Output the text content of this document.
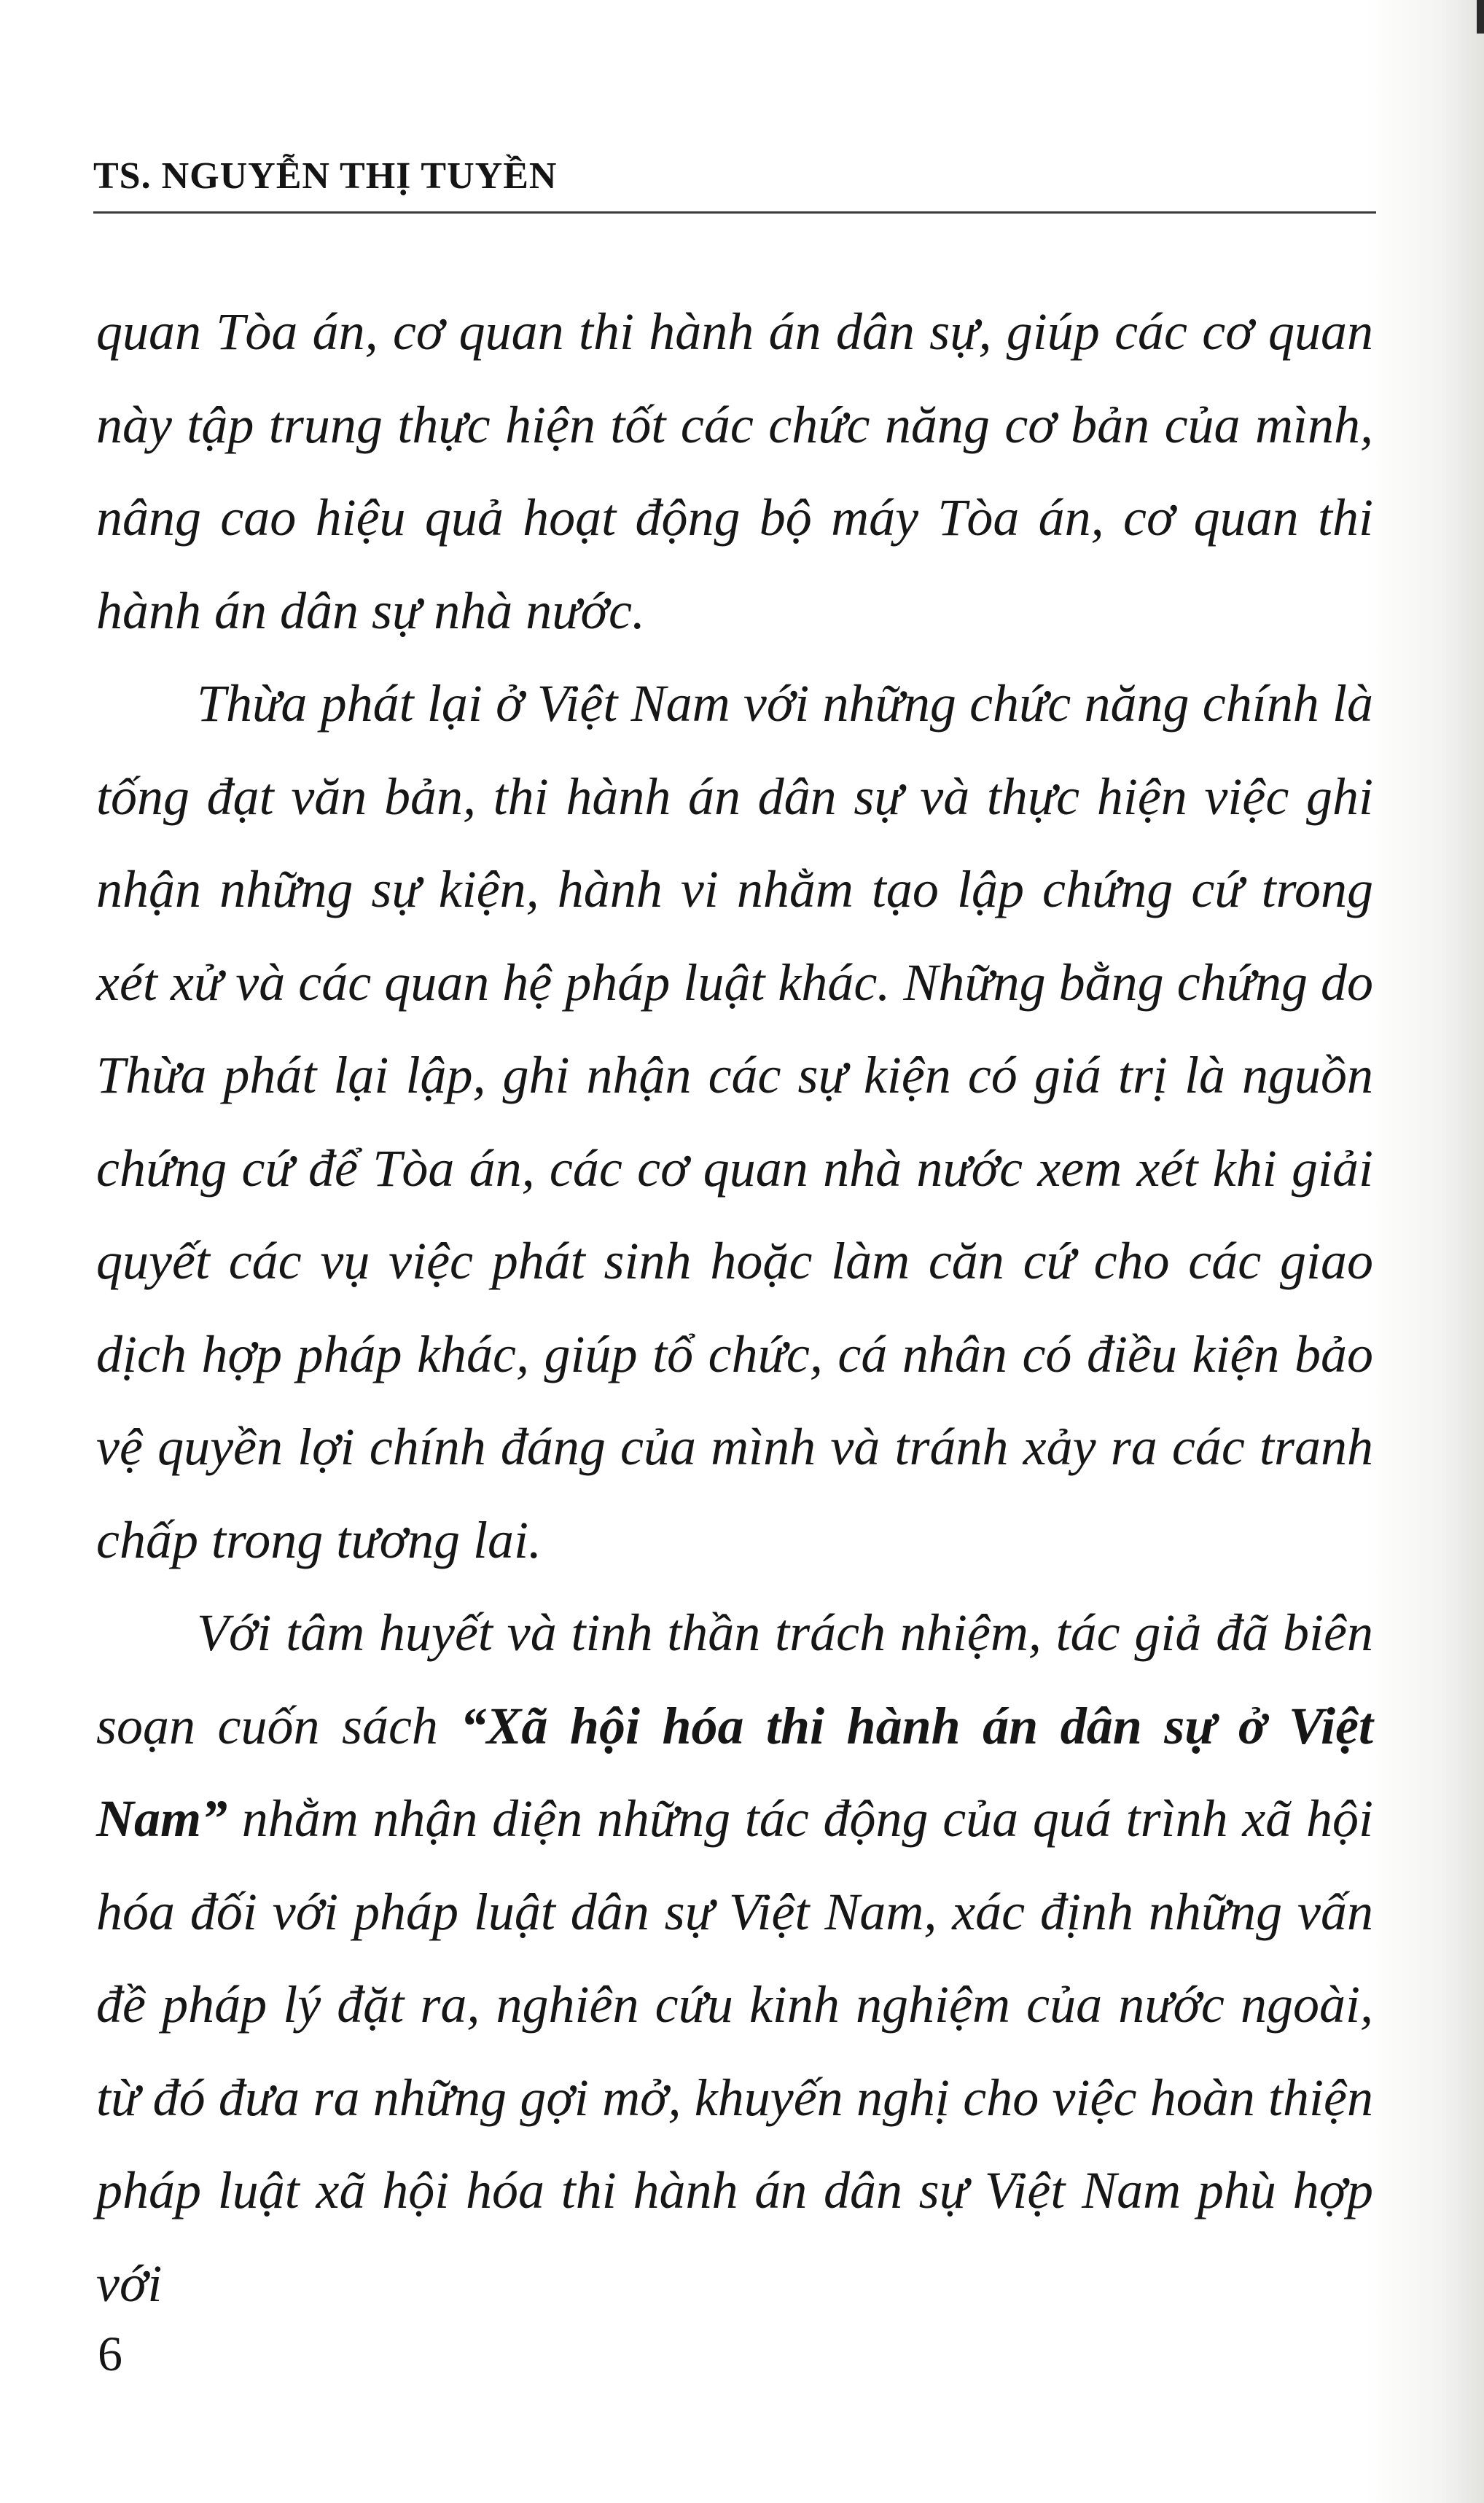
TS. NGUYỄN THỊ TUYỀN

quan Tòa án, cơ quan thi hành án dân sự, giúp các cơ quan này tập trung thực hiện tốt các chức năng cơ bản của mình, nâng cao hiệu quả hoạt động bộ máy Tòa án, cơ quan thi hành án dân sự nhà nước.

Thừa phát lại ở Việt Nam với những chức năng chính là tống đạt văn bản, thi hành án dân sự và thực hiện việc ghi nhận những sự kiện, hành vi nhằm tạo lập chứng cứ trong xét xử và các quan hệ pháp luật khác. Những bằng chứng do Thừa phát lại lập, ghi nhận các sự kiện có giá trị là nguồn chứng cứ để Tòa án, các cơ quan nhà nước xem xét khi giải quyết các vụ việc phát sinh hoặc làm căn cứ cho các giao dịch hợp pháp khác, giúp tổ chức, cá nhân có điều kiện bảo vệ quyền lợi chính đáng của mình và tránh xảy ra các tranh chấp trong tương lai.

Với tâm huyết và tinh thần trách nhiệm, tác giả đã biên soạn cuốn sách “Xã hội hóa thi hành án dân sự ở Việt Nam” nhằm nhận diện những tác động của quá trình xã hội hóa đối với pháp luật dân sự Việt Nam, xác định những vấn đề pháp lý đặt ra, nghiên cứu kinh nghiệm của nước ngoài, từ đó đưa ra những gợi mở, khuyến nghị cho việc hoàn thiện pháp luật xã hội hóa thi hành án dân sự Việt Nam phù hợp với

6
